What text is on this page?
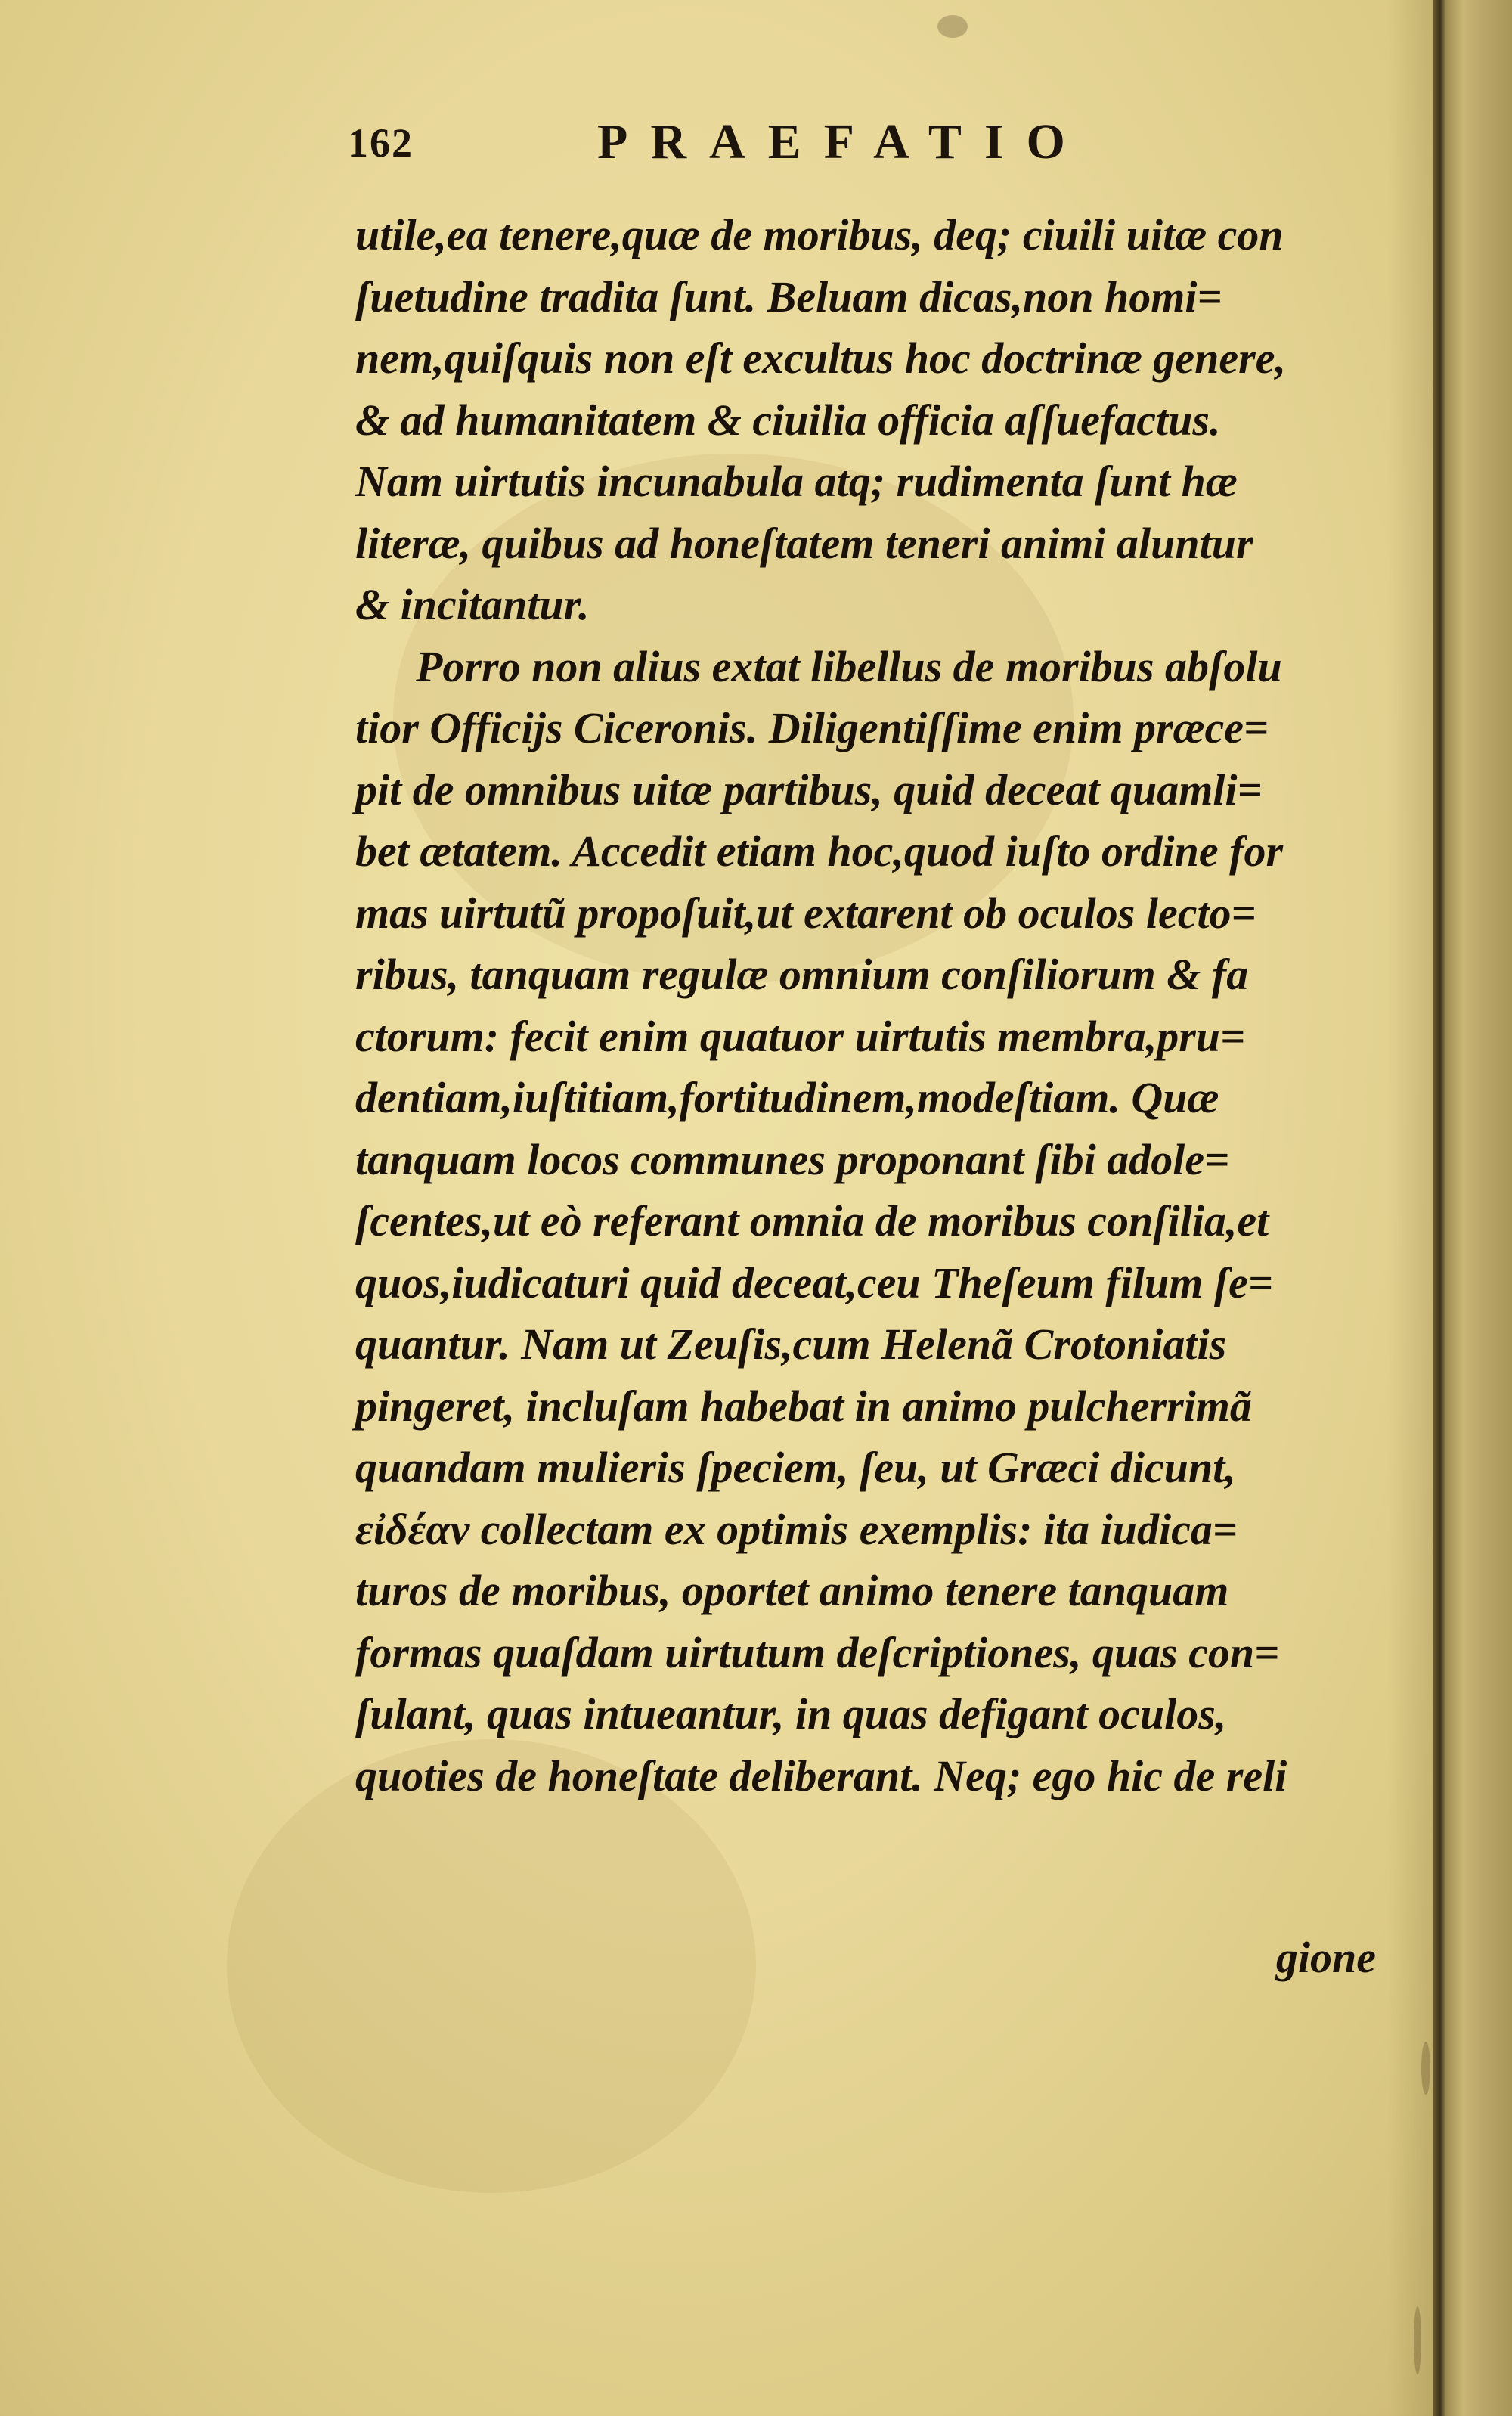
162	PRAEFATIO
utile,ea tenere,quæ de moribus, deq; ciuili uitæ con
ſuetudine tradita ſunt. Beluam dicas,non homi=
nem,quiſquis non eſt excultus hoc doctrinæ genere,
& ad humanitatem & ciuilia officia aſſuefactus.
Nam uirtutis incunabula atq; rudimenta ſunt hæ
literæ, quibus ad honeſtatem teneri animi aluntur
& incitantur.
Porro non alius extat libellus de moribus abſolu
tior Officijs Ciceronis. Diligentiſſime enim præce=
pit de omnibus uitæ partibus, quid deceat quamli=
bet ætatem. Accedit etiam hoc,quod iuſto ordine for
mas uirtutũ propoſuit,ut extarent ob oculos lecto=
ribus, tanquam regulæ omnium conſiliorum & fa
ctorum: fecit enim quatuor uirtutis membra,pru=
dentiam,iuſtitiam,fortitudinem,modeſtiam. Quæ
tanquam locos communes proponant ſibi adole=
ſcentes,ut eò referant omnia de moribus conſilia,et
quos,iudicaturi quid deceat,ceu Theſeum filum ſe=
quantur. Nam ut Zeuſis,cum Helenã Crotoniatis
pingeret, incluſam habebat in animo pulcherrimã
quandam mulieris ſpeciem, ſeu, ut Græci dicunt,
εἰδέαν collectam ex optimis exemplis: ita iudica=
turos de moribus, oportet animo tenere tanquam
formas quaſdam uirtutum deſcriptiones, quas con=
ſulant, quas intueantur, in quas defigant oculos,
quoties de honeſtate deliberant. Neq; ego hic de reli
gione
